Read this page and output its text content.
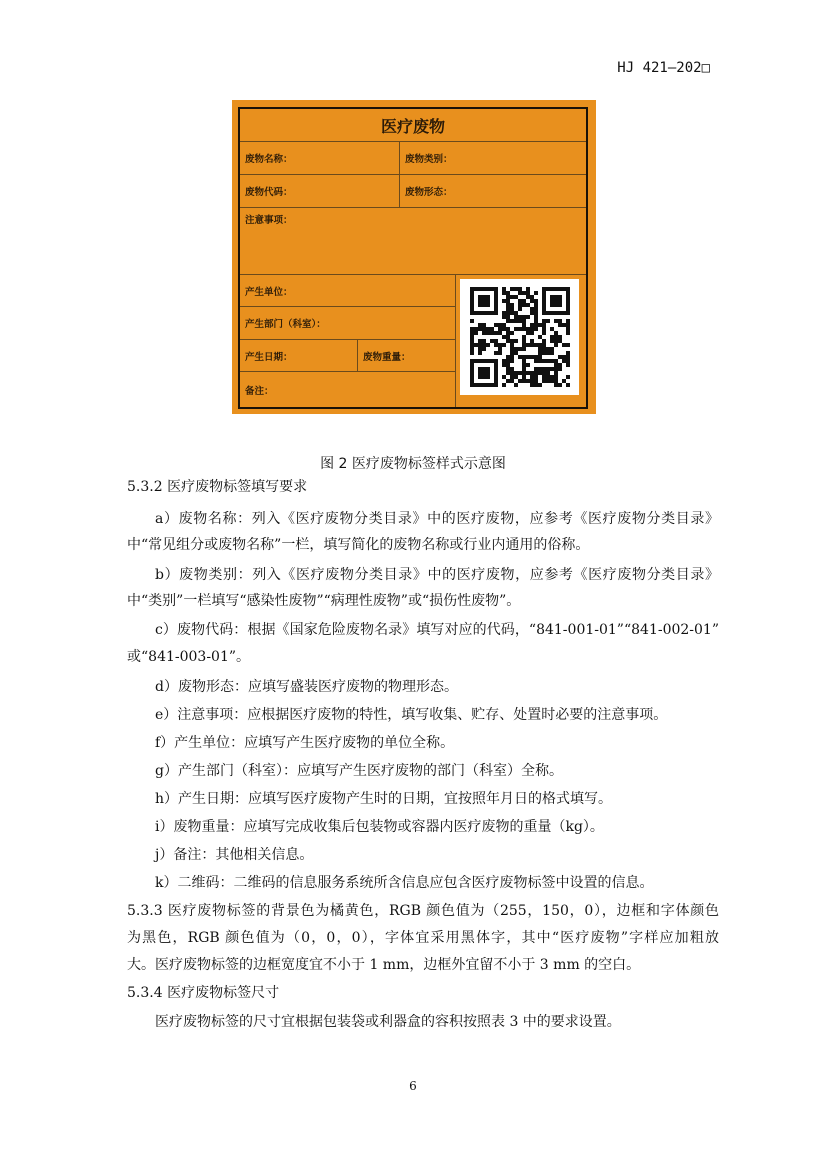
HJ 421—202□
医疗废物
废物名称：	废物类别：
废物代码：	废物形态：
注意事项：
产生单位：
产生部门（科室）：
产生日期：	废物重量：
备注：
图 2 医疗废物标签样式示意图
5.3.2 医疗废物标签填写要求
a）废物名称：列入《医疗废物分类目录》中的医疗废物，应参考《医疗废物分类目录》
中“常见组分或废物名称”一栏，填写简化的废物名称或行业内通用的俗称。
b）废物类别：列入《医疗废物分类目录》中的医疗废物，应参考《医疗废物分类目录》
中“类别”一栏填写“感染性废物”“病理性废物”或“损伤性废物”。
c）废物代码：根据《国家危险废物名录》填写对应的代码，“841-001-01”“841-002-01”
或“841-003-01”。
d）废物形态：应填写盛装医疗废物的物理形态。
e）注意事项：应根据医疗废物的特性，填写收集、贮存、处置时必要的注意事项。
f）产生单位：应填写产生医疗废物的单位全称。
g）产生部门（科室）：应填写产生医疗废物的部门（科室）全称。
h）产生日期：应填写医疗废物产生时的日期，宜按照年月日的格式填写。
i）废物重量：应填写完成收集后包装物或容器内医疗废物的重量（kg）。
j）备注：其他相关信息。
k）二维码：二维码的信息服务系统所含信息应包含医疗废物标签中设置的信息。
5.3.3 医疗废物标签的背景色为橘黄色，RGB 颜色值为（255，150，0），边框和字体颜色
为黑色，RGB 颜色值为（0，0，0），字体宜采用黑体字，其中“医疗废物”字样应加粗放
大。医疗废物标签的边框宽度宜不小于 1 mm，边框外宜留不小于 3 mm 的空白。
5.3.4 医疗废物标签尺寸
医疗废物标签的尺寸宜根据包装袋或利器盒的容积按照表 3 中的要求设置。
6
